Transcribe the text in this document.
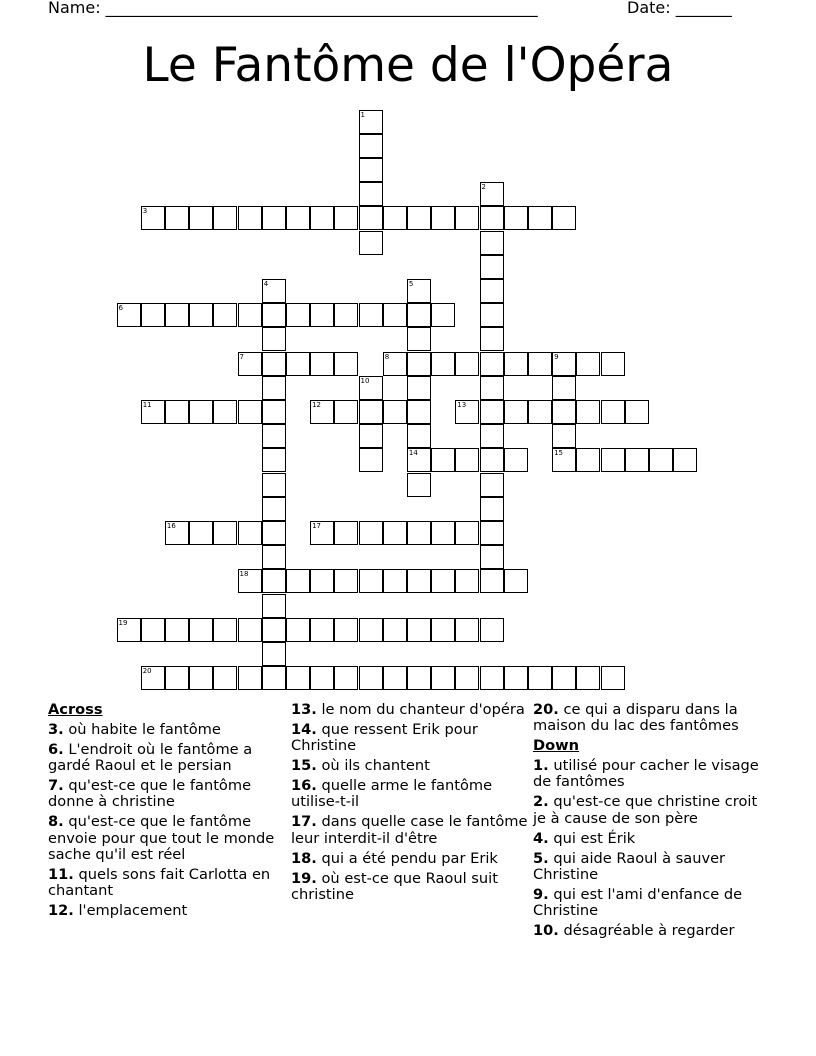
Name: ______________________________________________________	Date: _______
Le Fantôme de l'Opéra
1
2
3
4	5
6
7	8	9
10
11	12	13
14	15
16	17
18
19
20
Across
3. où habite le fantôme
6. L'endroit où le fantôme a gardé Raoul et le persian
7. qu'est-ce que le fantôme donne à christine
8. qu'est-ce que le fantôme envoie pour que tout le monde sache qu'il est réel
11. quels sons fait Carlotta en chantant
12. l'emplacement
13. le nom du chanteur d'opéra
14. que ressent Erik pour Christine
15. où ils chantent
16. quelle arme le fantôme utilise-t-il
17. dans quelle case le fantôme leur interdit-il d'être
18. qui a été pendu par Erik
19. où est-ce que Raoul suit christine
20. ce qui a disparu dans la maison du lac des fantômes
Down
1. utilisé pour cacher le visage de fantômes
2. qu'est-ce que christine croit je à cause de son père
4. qui est Érik
5. qui aide Raoul à sauver Christine
9. qui est l'ami d'enfance de Christine
10. désagréable à regarder
